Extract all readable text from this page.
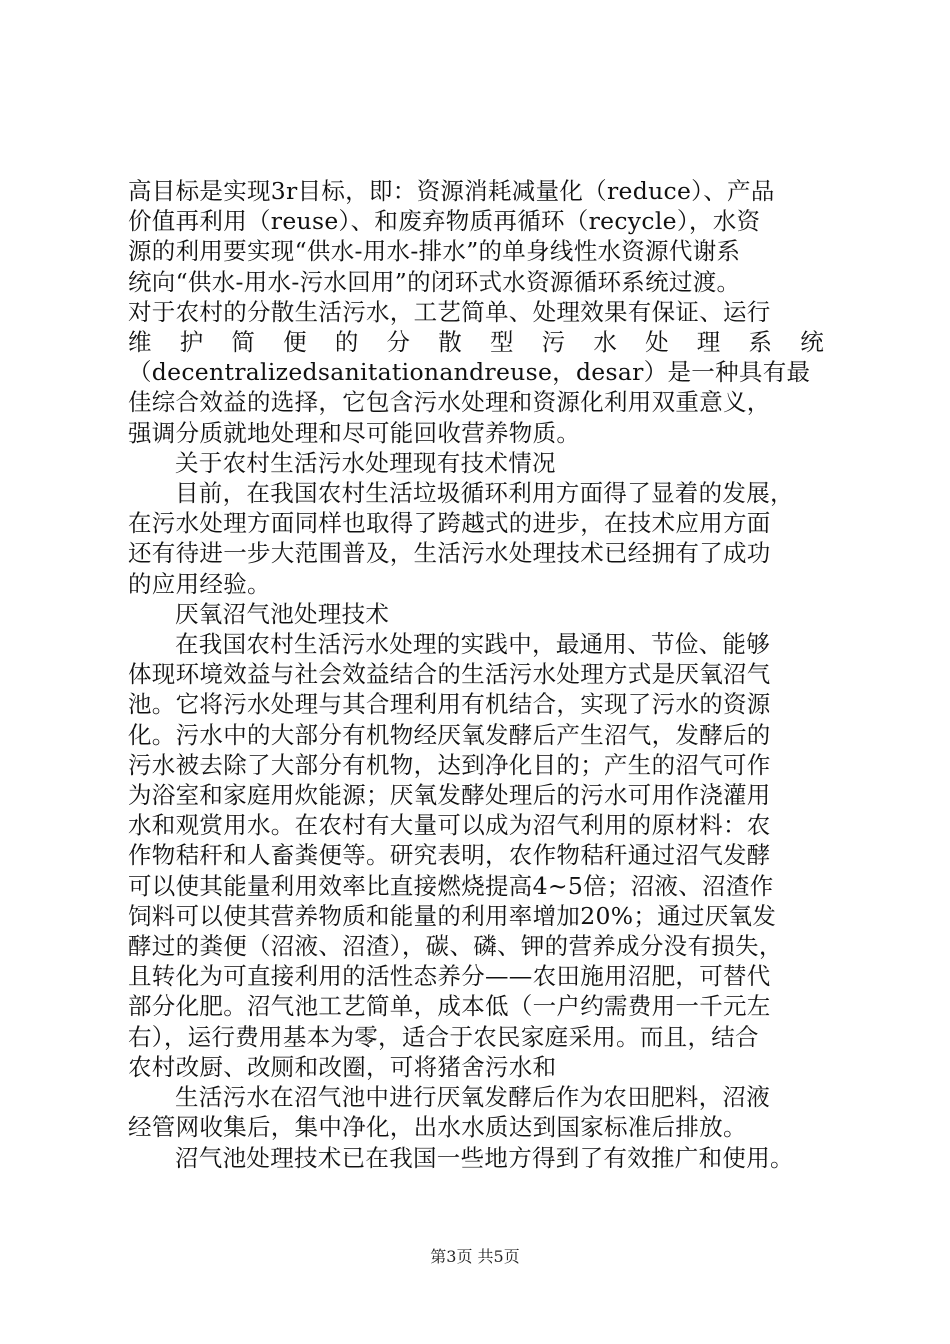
高目标是实现3r目标，即：资源消耗减量化（reduce）、产品
价值再利用（reuse）、和废弃物质再循环（recycle），水资
源的利用要实现“供水-用水-排水”的单身线性水资源代谢系
统向“供水-用水-污水回用”的闭环式水资源循环系统过渡。
对于农村的分散生活污水，工艺简单、处理效果有保证、运行
维护简便的分散型污水处理系统
（decentralizedsanitationandreuse，desar）是一种具有最
佳综合效益的选择，它包含污水处理和资源化利用双重意义，
强调分质就地处理和尽可能回收营养物质。
关于农村生活污水处理现有技术情况
目前，在我国农村生活垃圾循环利用方面得了显着的发展，
在污水处理方面同样也取得了跨越式的进步，在技术应用方面
还有待进一步大范围普及，生活污水处理技术已经拥有了成功
的应用经验。
厌氧沼气池处理技术
在我国农村生活污水处理的实践中，最通用、节俭、能够
体现环境效益与社会效益结合的生活污水处理方式是厌氧沼气
池。它将污水处理与其合理利用有机结合，实现了污水的资源
化。污水中的大部分有机物经厌氧发酵后产生沼气，发酵后的
污水被去除了大部分有机物，达到净化目的；产生的沼气可作
为浴室和家庭用炊能源；厌氧发酵处理后的污水可用作浇灌用
水和观赏用水。在农村有大量可以成为沼气利用的原材料：农
作物秸秆和人畜粪便等。研究表明，农作物秸秆通过沼气发酵
可以使其能量利用效率比直接燃烧提高4~5倍；沼液、沼渣作
饲料可以使其营养物质和能量的利用率增加20%；通过厌氧发
酵过的粪便（沼液、沼渣），碳、磷、钾的营养成分没有损失，
且转化为可直接利用的活性态养分——农田施用沼肥，可替代
部分化肥。沼气池工艺简单，成本低（一户约需费用一千元左
右），运行费用基本为零，适合于农民家庭采用。而且，结合
农村改厨、改厕和改圈，可将猪舍污水和
生活污水在沼气池中进行厌氧发酵后作为农田肥料，沼液
经管网收集后，集中净化，出水水质达到国家标准后排放。
沼气池处理技术已在我国一些地方得到了有效推广和使用。
第3页 共5页
